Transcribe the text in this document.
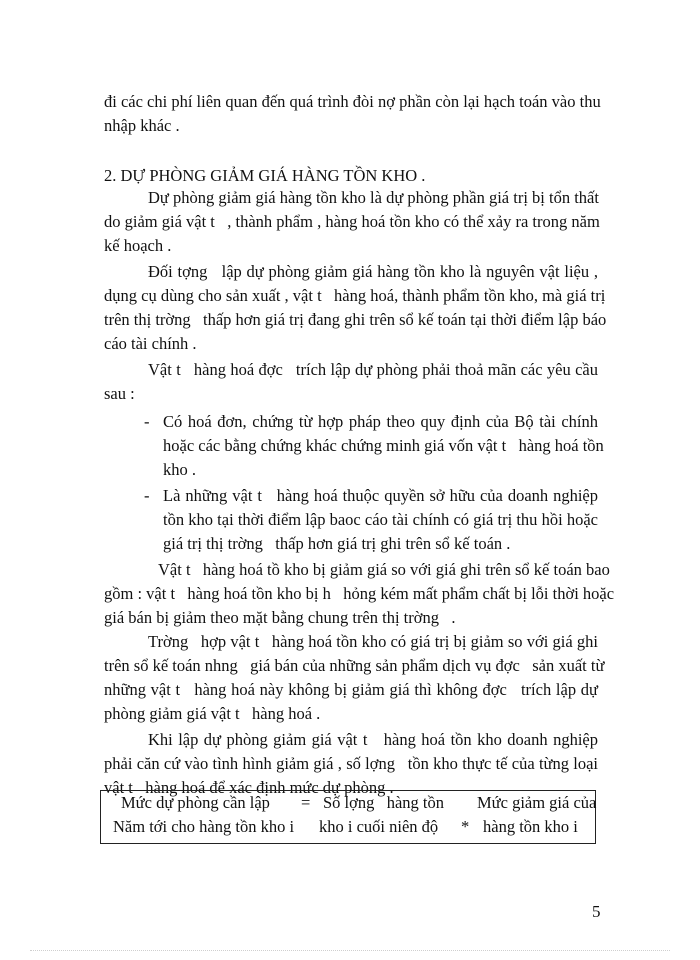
đi các chi phí liên quan đến quá trình đòi nợ phần còn lại hạch toán vào thu
nhập khác .
2. DỰ PHÒNG GIẢM GIÁ HÀNG TỒN KHO .
Dự phòng giảm giá hàng tồn kho là dự phòng phần giá trị bị tổn thất
do giảm giá vật t   , thành phẩm , hàng hoá tồn kho có thể xảy ra trong năm
kế hoạch .
Đối tợng   lập dự phòng giảm giá hàng tồn kho là nguyên vật liệu ,
dụng cụ dùng cho sản xuất , vật t   hàng hoá, thành phẩm tồn kho, mà giá trị
trên thị trờng   thấp hơn giá trị đang ghi trên sổ kế toán tại thời điểm lập báo
cáo tài chính .
Vật t   hàng hoá đợc   trích lập dự phòng phải thoả mãn các yêu cầu
sau :
- Có hoá đơn, chứng từ hợp pháp theo quy định của Bộ tài chính
hoặc các bằng chứng khác chứng minh giá vốn vật t   hàng hoá tồn
kho .
- Là những vật t   hàng hoá thuộc quyền sở hữu của doanh nghiệp
tồn kho tại thời điểm lập baoc cáo tài chính có giá trị thu hồi hoặc
giá trị thị trờng   thấp hơn giá trị ghi trên sổ kế toán .
Vật t   hàng hoá tồ kho bị giảm giá so với giá ghi trên sổ kế toán bao
gồm : vật t   hàng hoá tồn kho bị h   hỏng kém mất phẩm chất bị lỗi thời hoặc
giá bán bị giảm theo mặt bằng chung trên thị trờng   .
Trờng   hợp vật t   hàng hoá tồn kho có giá trị bị giảm so với giá ghi
trên sổ kế toán nhng   giá bán của những sản phẩm dịch vụ đợc   sản xuất từ
những vật t   hàng hoá này không bị giảm giá thì không đợc   trích lập dự
phòng giảm giá vật t   hàng hoá .
Khi lập dự phòng giảm giá vật t   hàng hoá tồn kho doanh nghiệp
phải căn cứ vào tình hình giảm giá , số lợng   tồn kho thực tế của từng loại
vật t   hàng hoá để xác định mức dự phòng .
Mức dự phòng cần lập
Năm tới cho hàng tồn kho i
= Số lợng   hàng tồn
kho i cuối niên độ *
Mức giảm giá của
hàng tồn kho i
5
